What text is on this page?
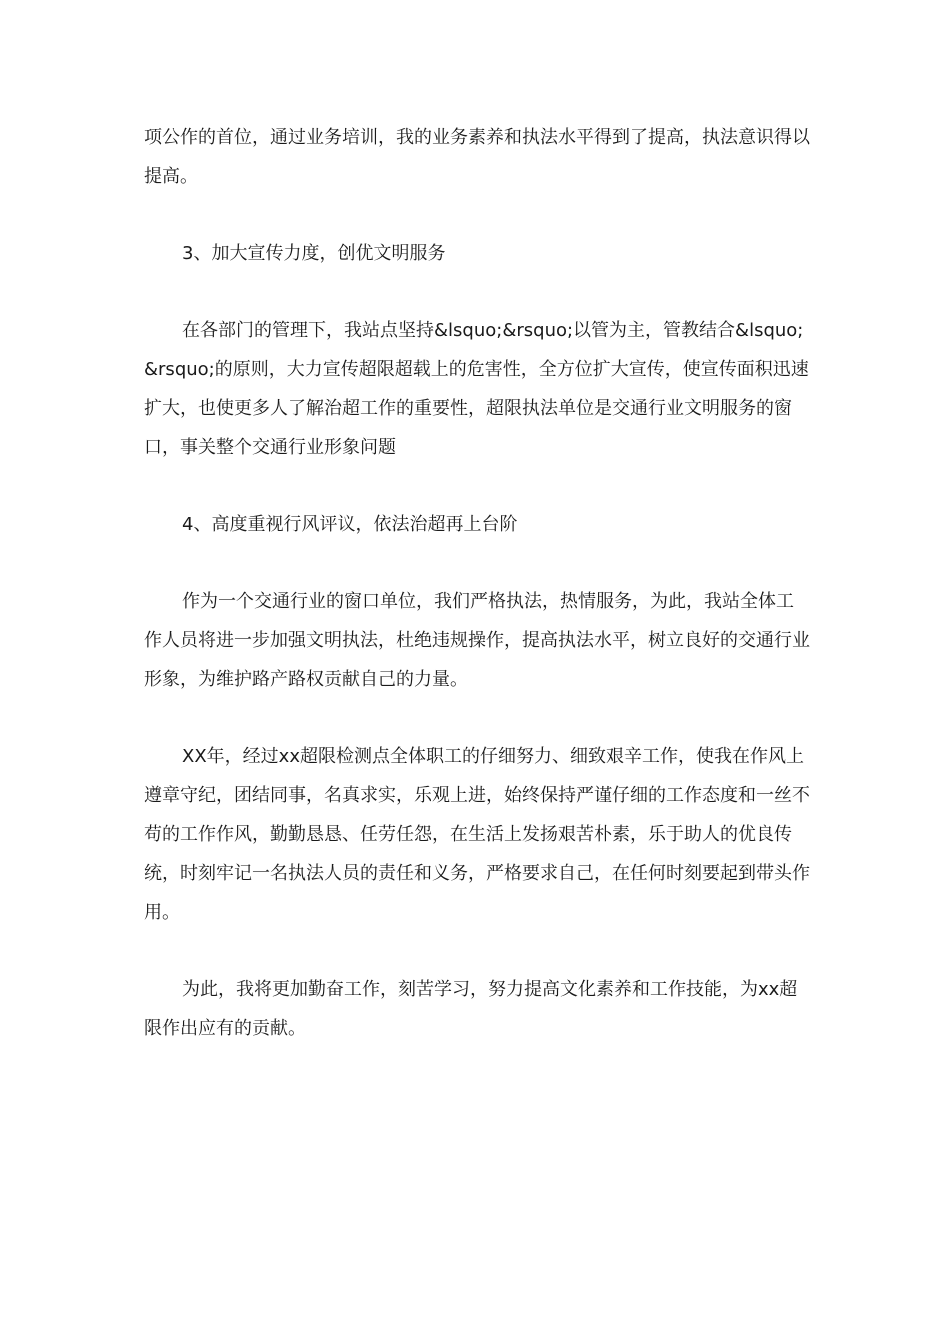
项公作的首位，通过业务培训，我的业务素养和执法水平得到了提高，执法意识得以提高。

3、加大宣传力度，创优文明服务

在各部门的管理下，我站点坚持&lsquo;&rsquo;以管为主，管教结合&lsquo;&rsquo;的原则，大力宣传超限超载上的危害性，全方位扩大宣传，使宣传面积迅速扩大，也使更多人了解治超工作的重要性，超限执法单位是交通行业文明服务的窗口，事关整个交通行业形象问题

4、高度重视行风评议，依法治超再上台阶

作为一个交通行业的窗口单位，我们严格执法，热情服务，为此，我站全体工作人员将进一步加强文明执法，杜绝违规操作，提高执法水平，树立良好的交通行业形象，为维护路产路权贡献自己的力量。

XX年，经过xx超限检测点全体职工的仔细努力、细致艰辛工作，使我在作风上遵章守纪，团结同事，名真求实，乐观上进，始终保持严谨仔细的工作态度和一丝不苟的工作作风，勤勤恳恳、任劳任怨，在生活上发扬艰苦朴素，乐于助人的优良传统，时刻牢记一名执法人员的责任和义务，严格要求自己，在任何时刻要起到带头作用。

为此，我将更加勤奋工作，刻苦学习，努力提高文化素养和工作技能，为xx超限作出应有的贡献。
